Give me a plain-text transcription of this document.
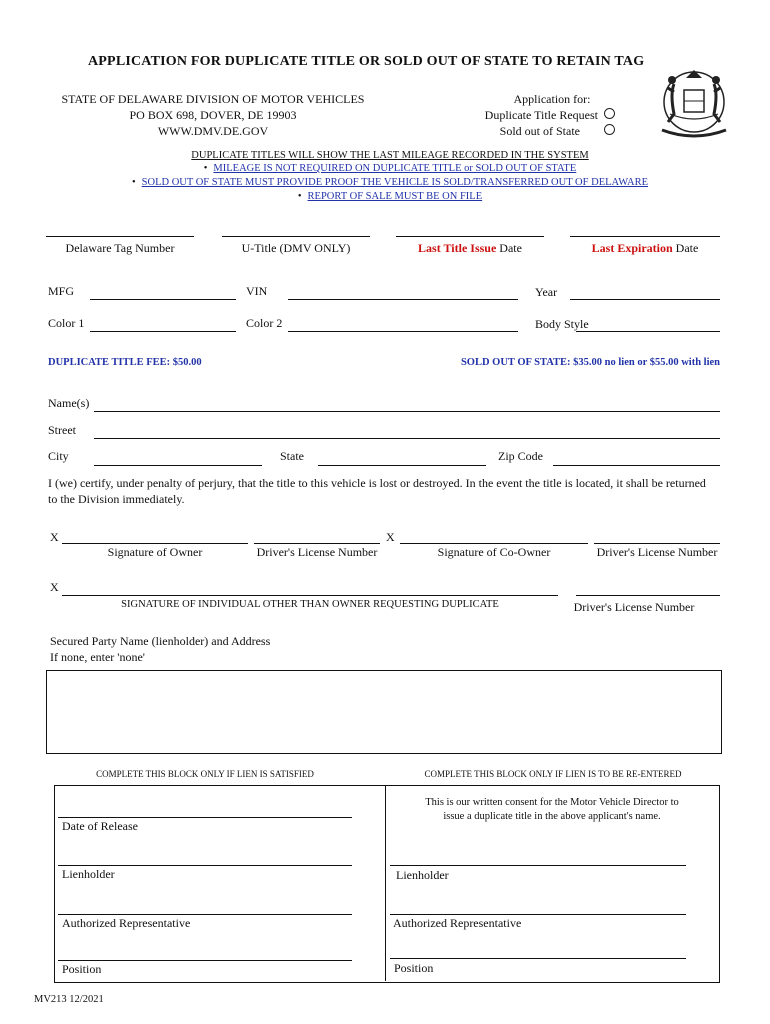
APPLICATION FOR DUPLICATE TITLE OR SOLD OUT OF STATE TO RETAIN TAG
STATE OF DELAWARE DIVISION OF MOTOR VEHICLES
PO BOX 698, DOVER, DE 19903
WWW.DMV.DE.GOV
Application for:
Duplicate Title Request
Sold out of State
DUPLICATE TITLES WILL SHOW THE LAST MILEAGE RECORDED IN THE SYSTEM
• MILEAGE IS NOT REQUIRED ON DUPLICATE TITLE or SOLD OUT OF STATE
• SOLD OUT OF STATE MUST PROVIDE PROOF THE VEHICLE IS SOLD/TRANSFERRED OUT OF DELAWARE
• REPORT OF SALE MUST BE ON FILE
Delaware Tag Number	U-Title (DMV ONLY)	Last Title Issue Date	Last Expiration Date
MFG	VIN	Year
Color 1	Color 2	Body Style
DUPLICATE TITLE FEE: $50.00	SOLD OUT OF STATE: $35.00 no lien or $55.00 with lien
Name(s)
Street
City	State	Zip Code
I (we) certify, under penalty of perjury, that the title to this vehicle is lost or destroyed. In the event the title is located, it shall be returned to the Division immediately.
X	X
Signature of Owner	Driver's License Number	Signature of Co-Owner	Driver's License Number
X
SIGNATURE OF INDIVIDUAL OTHER THAN OWNER REQUESTING DUPLICATE	Driver's License Number
Secured Party Name (lienholder) and Address
If none, enter 'none'
COMPLETE THIS BLOCK ONLY IF LIEN IS SATISFIED	COMPLETE THIS BLOCK ONLY IF LIEN IS TO BE RE-ENTERED
Date of Release
Lienholder
Authorized Representative
Position
This is our written consent for the Motor Vehicle Director to
issue a duplicate title in the above applicant's name.
Lienholder
Authorized Representative
Position
MV213 12/2021
